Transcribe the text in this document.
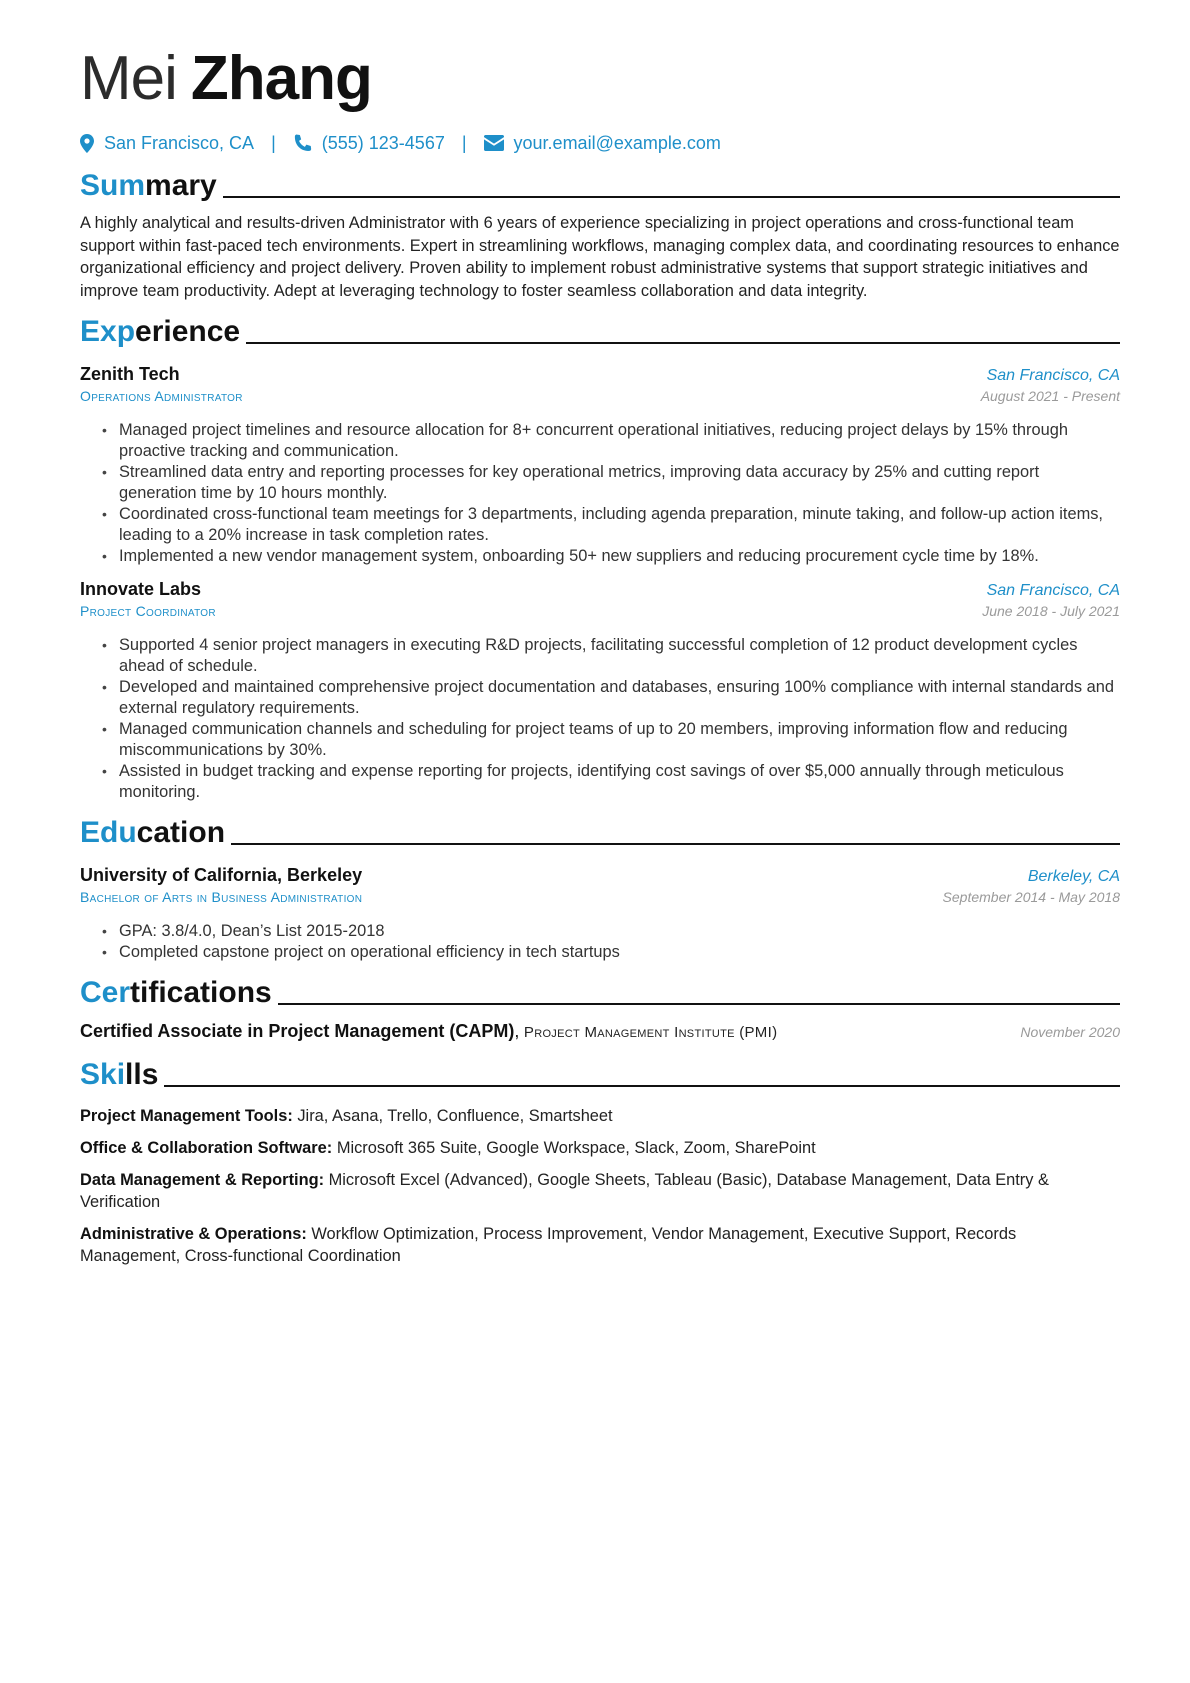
Mei Zhang
San Francisco, CA |	(555) 123-4567 |	your.email@example.com
Summary
A highly analytical and results-driven Administrator with 6 years of experience specializing in project operations and cross-functional team support within fast-paced tech environments. Expert in streamlining workflows, managing complex data, and coordinating resources to enhance organizational efficiency and project delivery. Proven ability to implement robust administrative systems that support strategic initiatives and improve team productivity. Adept at leveraging technology to foster seamless collaboration and data integrity.
Experience
Zenith Tech	San Francisco, CA
Operations Administrator	August 2021 - Present
• Managed project timelines and resource allocation for 8+ concurrent operational initiatives, reducing project delays by 15% through proactive tracking and communication.
• Streamlined data entry and reporting processes for key operational metrics, improving data accuracy by 25% and cutting report generation time by 10 hours monthly.
• Coordinated cross-functional team meetings for 3 departments, including agenda preparation, minute taking, and follow-up action items, leading to a 20% increase in task completion rates.
• Implemented a new vendor management system, onboarding 50+ new suppliers and reducing procurement cycle time by 18%.
Innovate Labs	San Francisco, CA
Project Coordinator	June 2018 - July 2021
• Supported 4 senior project managers in executing R&D projects, facilitating successful completion of 12 product development cycles ahead of schedule.
• Developed and maintained comprehensive project documentation and databases, ensuring 100% compliance with internal standards and external regulatory requirements.
• Managed communication channels and scheduling for project teams of up to 20 members, improving information flow and reducing miscommunications by 30%.
• Assisted in budget tracking and expense reporting for projects, identifying cost savings of over $5,000 annually through meticulous monitoring.
Education
University of California, Berkeley	Berkeley, CA
Bachelor of Arts in Business Administration	September 2014 - May 2018
• GPA: 3.8/4.0, Dean’s List 2015-2018
• Completed capstone project on operational efficiency in tech startups
Certifications
Certified Associate in Project Management (CAPM), Project Management Institute (PMI)	November 2020
Skills
Project Management Tools: Jira, Asana, Trello, Confluence, Smartsheet
Office & Collaboration Software: Microsoft 365 Suite, Google Workspace, Slack, Zoom, SharePoint
Data Management & Reporting: Microsoft Excel (Advanced), Google Sheets, Tableau (Basic), Database Management, Data Entry & Verification
Administrative & Operations: Workflow Optimization, Process Improvement, Vendor Management, Executive Support, Records Management, Cross-functional Coordination
